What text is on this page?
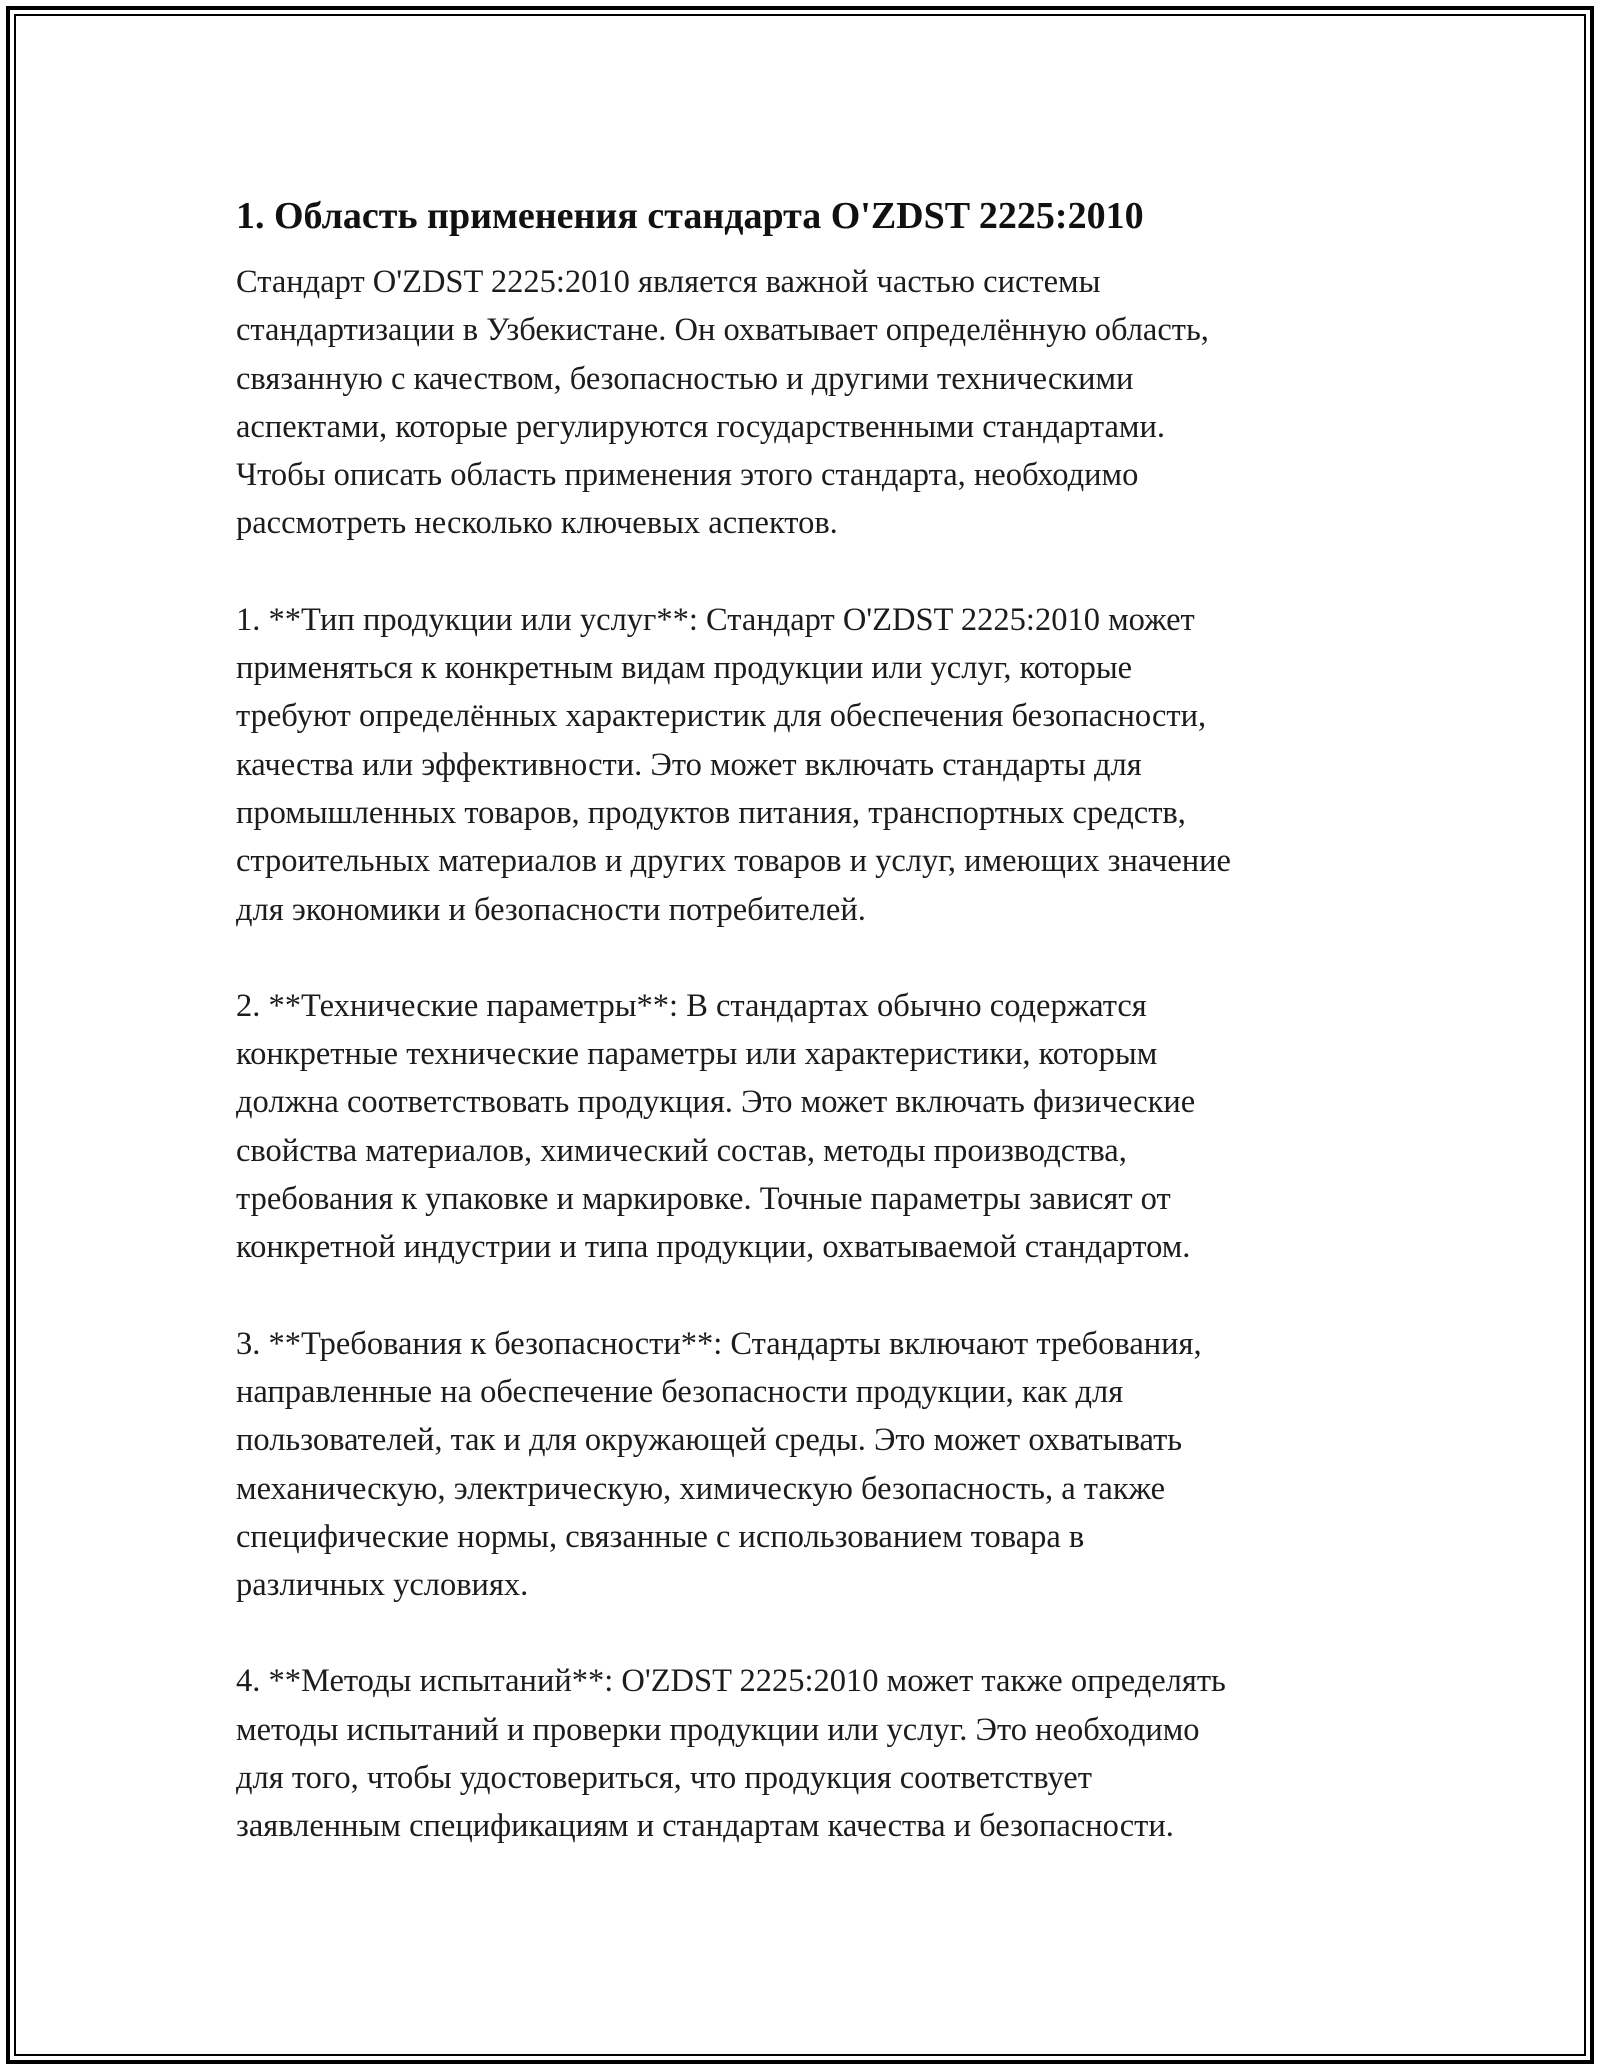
1. Область применения стандарта O'ZDST 2225:2010

Стандарт O'ZDST 2225:2010 является важной частью системы
стандартизации в Узбекистане. Он охватывает определённую область,
связанную с качеством, безопасностью и другими техническими
аспектами, которые регулируются государственными стандартами.
Чтобы описать область применения этого стандарта, необходимо
рассмотреть несколько ключевых аспектов.

1. **Тип продукции или услуг**: Стандарт O'ZDST 2225:2010 может
применяться к конкретным видам продукции или услуг, которые
требуют определённых характеристик для обеспечения безопасности,
качества или эффективности. Это может включать стандарты для
промышленных товаров, продуктов питания, транспортных средств,
строительных материалов и других товаров и услуг, имеющих значение
для экономики и безопасности потребителей.

2. **Технические параметры**: В стандартах обычно содержатся
конкретные технические параметры или характеристики, которым
должна соответствовать продукция. Это может включать физические
свойства материалов, химический состав, методы производства,
требования к упаковке и маркировке. Точные параметры зависят от
конкретной индустрии и типа продукции, охватываемой стандартом.

3. **Требования к безопасности**: Стандарты включают требования,
направленные на обеспечение безопасности продукции, как для
пользователей, так и для окружающей среды. Это может охватывать
механическую, электрическую, химическую безопасность, а также
специфические нормы, связанные с использованием товара в
различных условиях.

4. **Методы испытаний**: O'ZDST 2225:2010 может также определять
методы испытаний и проверки продукции или услуг. Это необходимо
для того, чтобы удостовериться, что продукция соответствует
заявленным спецификациям и стандартам качества и безопасности.
